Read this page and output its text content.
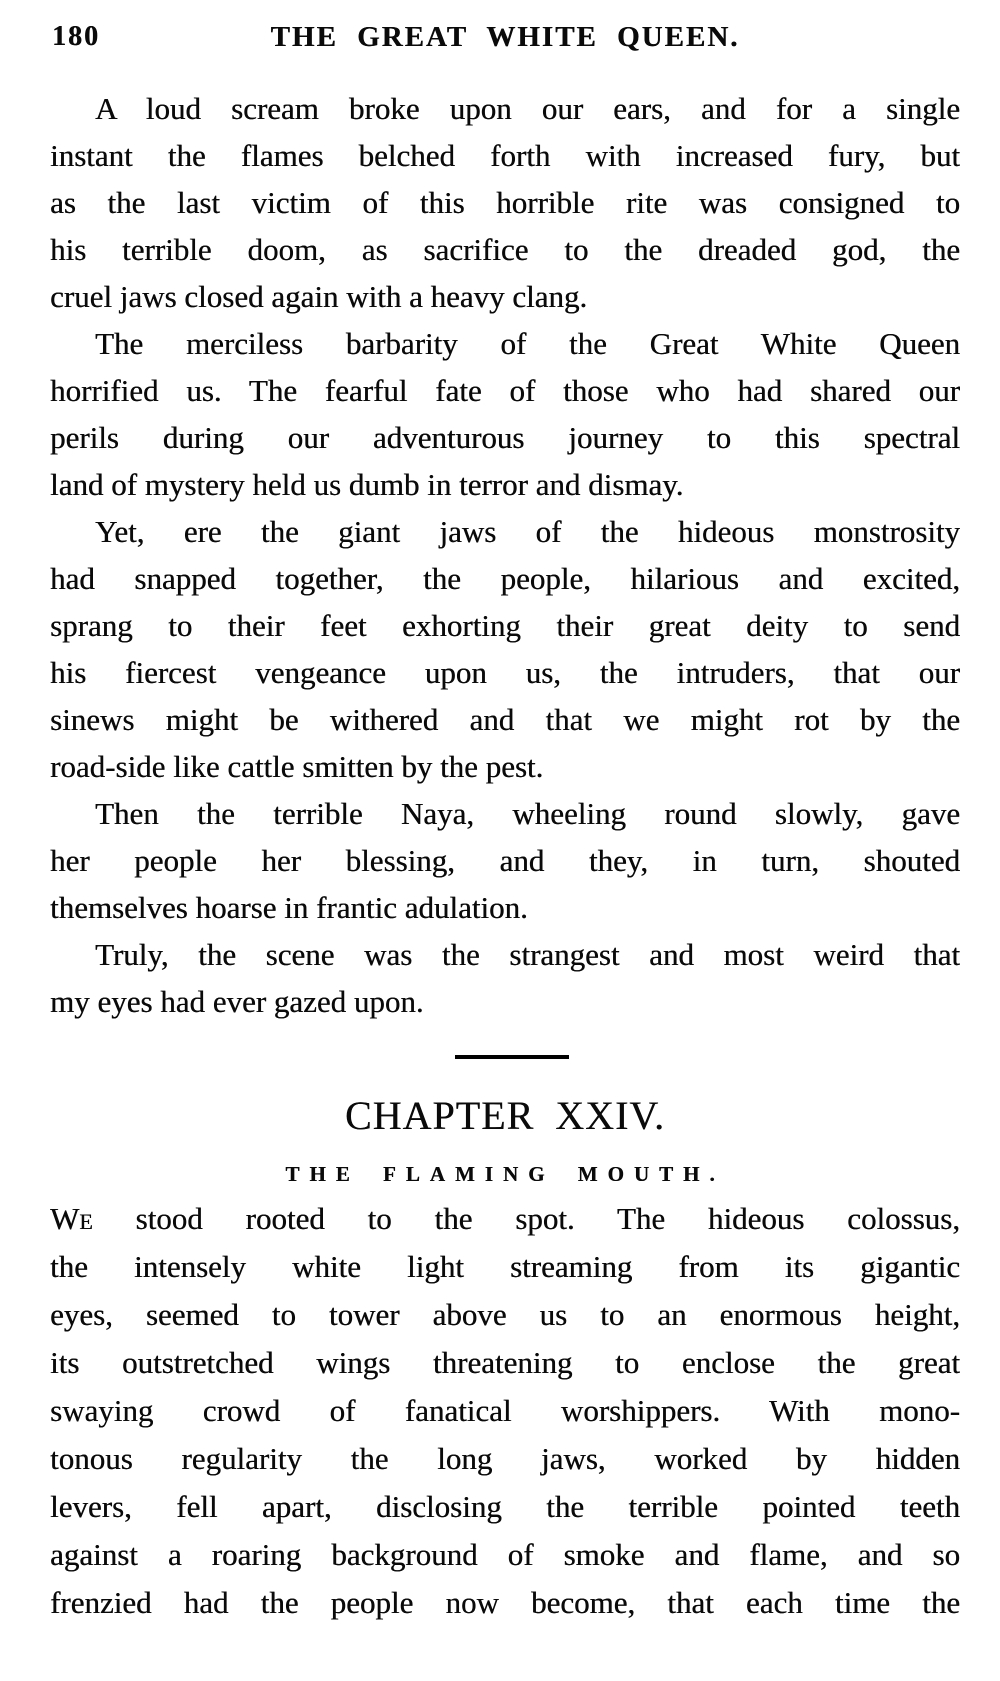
180	THE GREAT WHITE QUEEN.
A loud scream broke upon our ears, and for a single
instant the flames belched forth with increased fury, but
as the last victim of this horrible rite was consigned to
his terrible doom, as sacrifice to the dreaded god, the
cruel jaws closed again with a heavy clang.
The merciless barbarity of the Great White Queen
horrified us. The fearful fate of those who had shared our
perils during our adventurous journey to this spectral
land of mystery held us dumb in terror and dismay.
Yet, ere the giant jaws of the hideous monstrosity
had snapped together, the people, hilarious and excited,
sprang to their feet exhorting their great deity to send
his fiercest vengeance upon us, the intruders, that our
sinews might be withered and that we might rot by the
road-side like cattle smitten by the pest.
Then the terrible Naya, wheeling round slowly, gave
her people her blessing, and they, in turn, shouted
themselves hoarse in frantic adulation.
Truly, the scene was the strangest and most weird that
my eyes had ever gazed upon.
CHAPTER XXIV.
THE FLAMING MOUTH.
We stood rooted to the spot. The hideous colossus,
the intensely white light streaming from its gigantic
eyes, seemed to tower above us to an enormous height,
its outstretched wings threatening to enclose the great
swaying crowd of fanatical worshippers. With mono-
tonous regularity the long jaws, worked by hidden
levers, fell apart, disclosing the terrible pointed teeth
against a roaring background of smoke and flame, and so
frenzied had the people now become, that each time the
